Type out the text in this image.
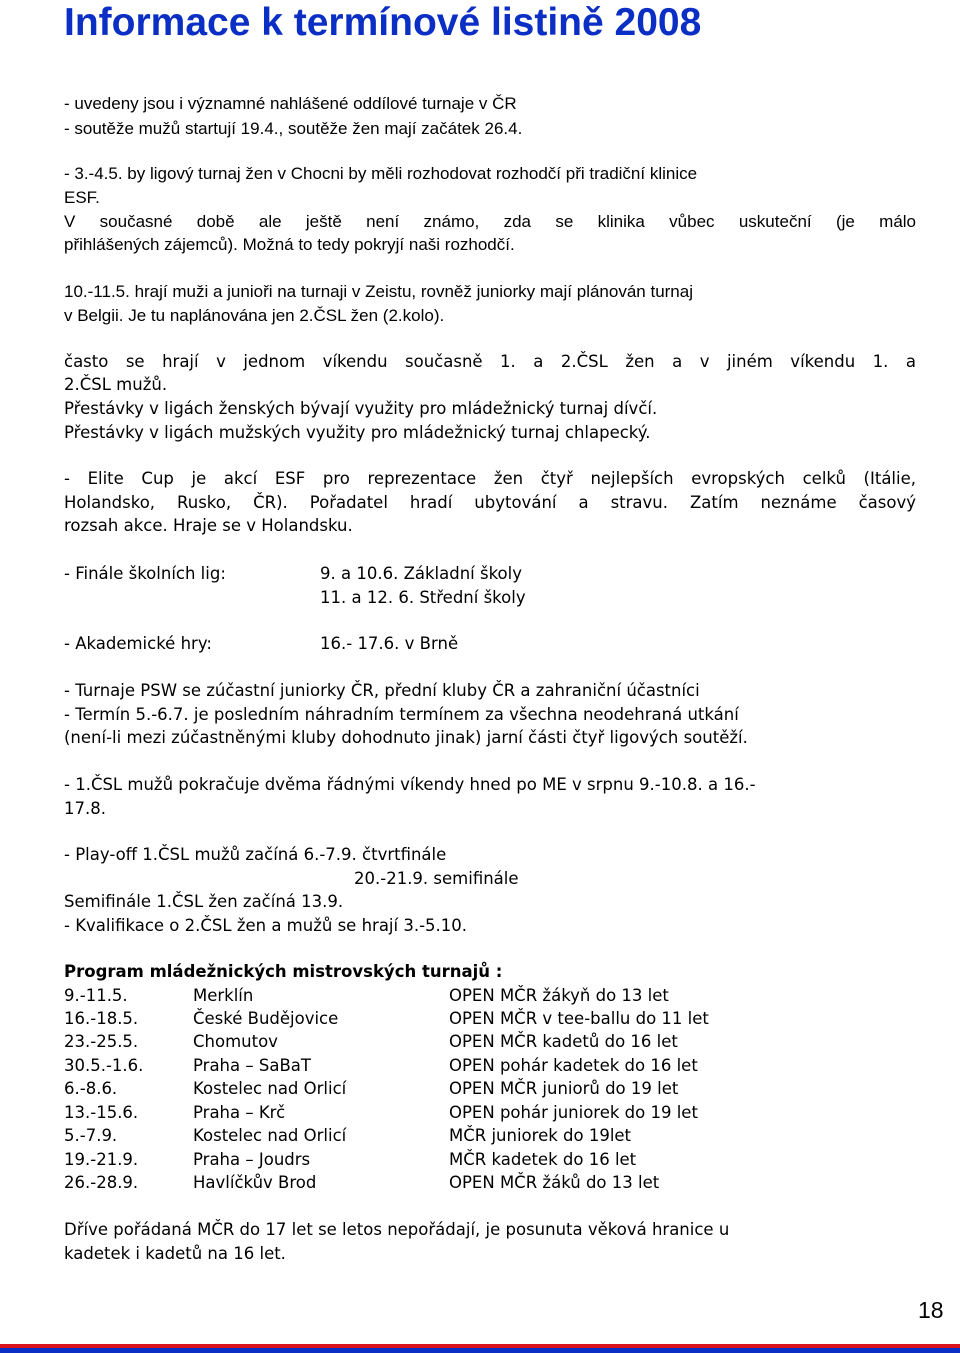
Informace k termínové listině 2008
- uvedeny jsou i významné nahlášené oddílové turnaje v ČR
- soutěže mužů startují 19.4., soutěže žen mají začátek 26.4.
- 3.-4.5. by ligový turnaj žen v Chocni by měli rozhodovat rozhodčí při tradiční klinice
ESF.
V současné době ale ještě není známo, zda se klinika vůbec uskuteční (je málo
přihlášených zájemců). Možná to tedy pokryjí naši rozhodčí.
10.-11.5. hrají muži a junioři na turnaji v Zeistu, rovněž juniorky mají plánován turnaj
v Belgii. Je tu naplánována jen 2.ČSL žen (2.kolo).
často se hrají v jednom víkendu současně 1. a 2.ČSL žen a v jiném víkendu 1. a
2.ČSL mužů.
Přestávky v ligách ženských bývají využity pro mládežnický turnaj dívčí.
Přestávky v ligách mužských využity pro mládežnický turnaj chlapecký.
- Elite Cup je akcí ESF pro reprezentace žen čtyř nejlepších evropských celků (Itálie,
Holandsko, Rusko, ČR). Pořadatel hradí ubytování a stravu. Zatím neznáme časový
rozsah akce. Hraje se v Holandsku.
- Finále školních lig:	9. a 10.6. Základní školy
11. a 12. 6. Střední školy
- Akademické hry:	16.- 17.6. v Brně
- Turnaje PSW se zúčastní juniorky ČR, přední kluby ČR a zahraniční účastníci
- Termín 5.-6.7. je posledním náhradním termínem za všechna neodehraná utkání
(není-li mezi zúčastněnými kluby dohodnuto jinak) jarní části čtyř ligových soutěží.
- 1.ČSL mužů pokračuje dvěma řádnými víkendy hned po ME v srpnu 9.-10.8. a 16.-
17.8.
- Play-off 1.ČSL mužů začíná 6.-7.9. čtvrtfinále
20.-21.9. semifinále
Semifinále 1.ČSL žen začíná 13.9.
- Kvalifikace o 2.ČSL žen a mužů se hrají 3.-5.10.
Program mládežnických mistrovských turnajů :
9.-11.5.	Merklín	OPEN MČR žákyň do 13 let
16.-18.5.	České Budějovice	OPEN MČR v tee-ballu do 11 let
23.-25.5.	Chomutov	OPEN MČR kadetů do 16 let
30.5.-1.6.	Praha – SaBaT	OPEN pohár kadetek do 16 let
6.-8.6.	Kostelec nad Orlicí	OPEN MČR juniorů do 19 let
13.-15.6.	Praha – Krč	OPEN pohár juniorek do 19 let
5.-7.9.	Kostelec nad Orlicí	MČR juniorek do 19let
19.-21.9.	Praha – Joudrs	MČR kadetek do 16 let
26.-28.9.	Havlíčkův Brod	OPEN MČR žáků do 13 let
Dříve pořádaná MČR do 17 let se letos nepořádají, je posunuta věková hranice u
kadetek i kadetů na 16 let.
18
